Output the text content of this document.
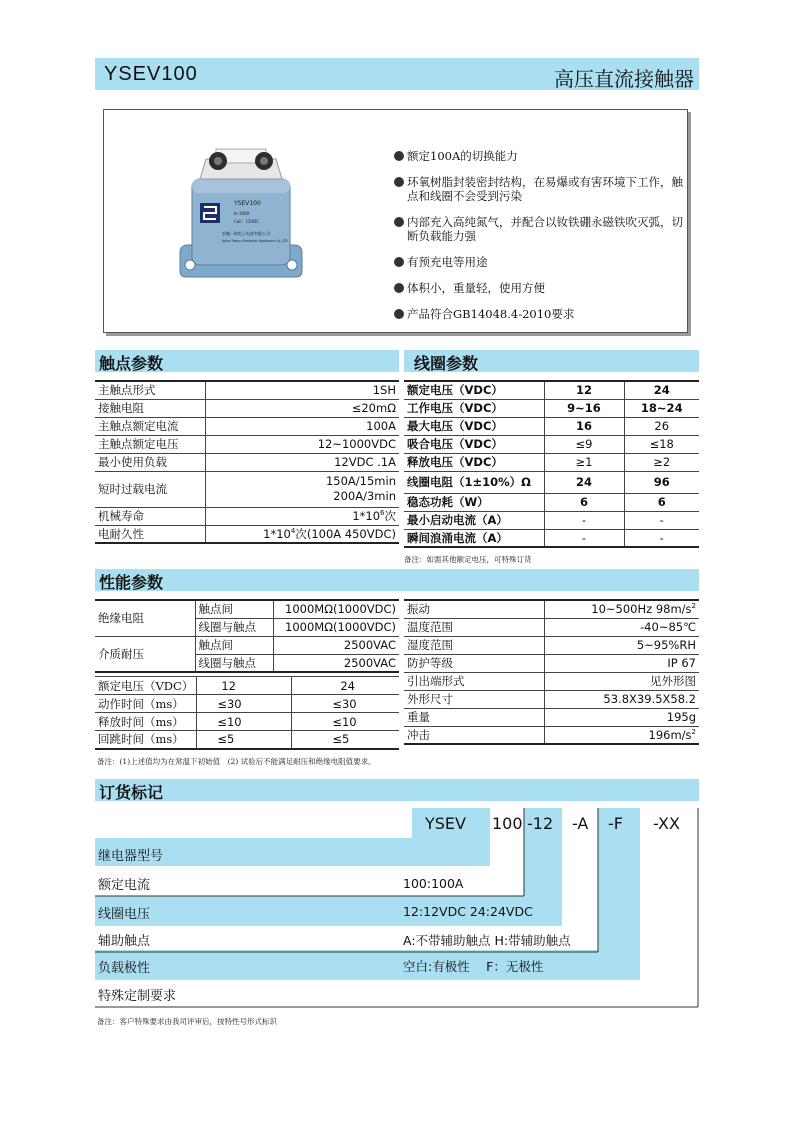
YSEV100	高压直流接触器
YSEV100
Ie:100A
Coil：12VDC
安徽一路电子电器有限公司
Anhui Yasun Electronic Appliance Co.,LTD
额定100A的切换能力
环氧树脂封装密封结构，在易爆或有害环境下工作，触点和线圈不会受到污染
内部充入高纯氮气，并配合以钕铁硼永磁铁吹灭弧，切断负载能力强
有预充电等用途
体积小，重量轻，使用方便
产品符合GB14048.4-2010要求
触点参数
主触点形式	1SH
接触电阻	≤20mΩ
主触点额定电流	100A
主触点额定电压	12~1000VDC
最小使用负载	12VDC .1A
短时过载电流	150A/15min
200A/3min

机械寿命	$1*10^6$次
电耐久性	$1*10^4$次(100A 450VDC)
线圈参数
额定电压（VDC）	12	24
工作电压（VDC）	9~16	18~24
最大电压（VDC）	16	26
吸合电压（VDC）	≤9	≤18
释放电压（VDC）	≥1	≥2
线圈电阻（1±10%）Ω	24	96
稳态功耗（W）	6	6
最小启动电流（A）	-	-
瞬间浪涌电流（A）	-	-
备注：如需其他额定电压，可特殊订货
性能参数
绝缘电阻	触点间	1000MΩ(1000VDC)
	线圈与触点	1000MΩ(1000VDC)
介质耐压	触点间	2500VAC
	线圈与触点	2500VAC
额定电压（VDC）	12	24
动作时间（ms）	≤30	≤30
释放时间（ms）	≤10	≤10
回跳时间（ms）	≤5	≤5
振动	10~500Hz $98m/s^2$
温度范围	-40~85℃
湿度范围	5~95%RH
防护等级	IP 67
引出端形式	见外形图
外形尺寸	53.8X39.5X58.2
重量	195g
冲击	$196m/s^2$
备注：(1)上述值均为在常温下初始值　(2) 试验后不能满足耐压和绝缘电阻值要求。
订货标记
YSEV 100 -12 -A -F -XX
继电器型号
额定电流	100:100A
线圈电压	12:12VDC 24:24VDC
辅助触点	A:不带辅助触点 H:带辅助触点
负载极性	空白:有极性　 F：无极性
特殊定制要求
备注：客户特殊要求由我司评审后，按特性号形式标识
